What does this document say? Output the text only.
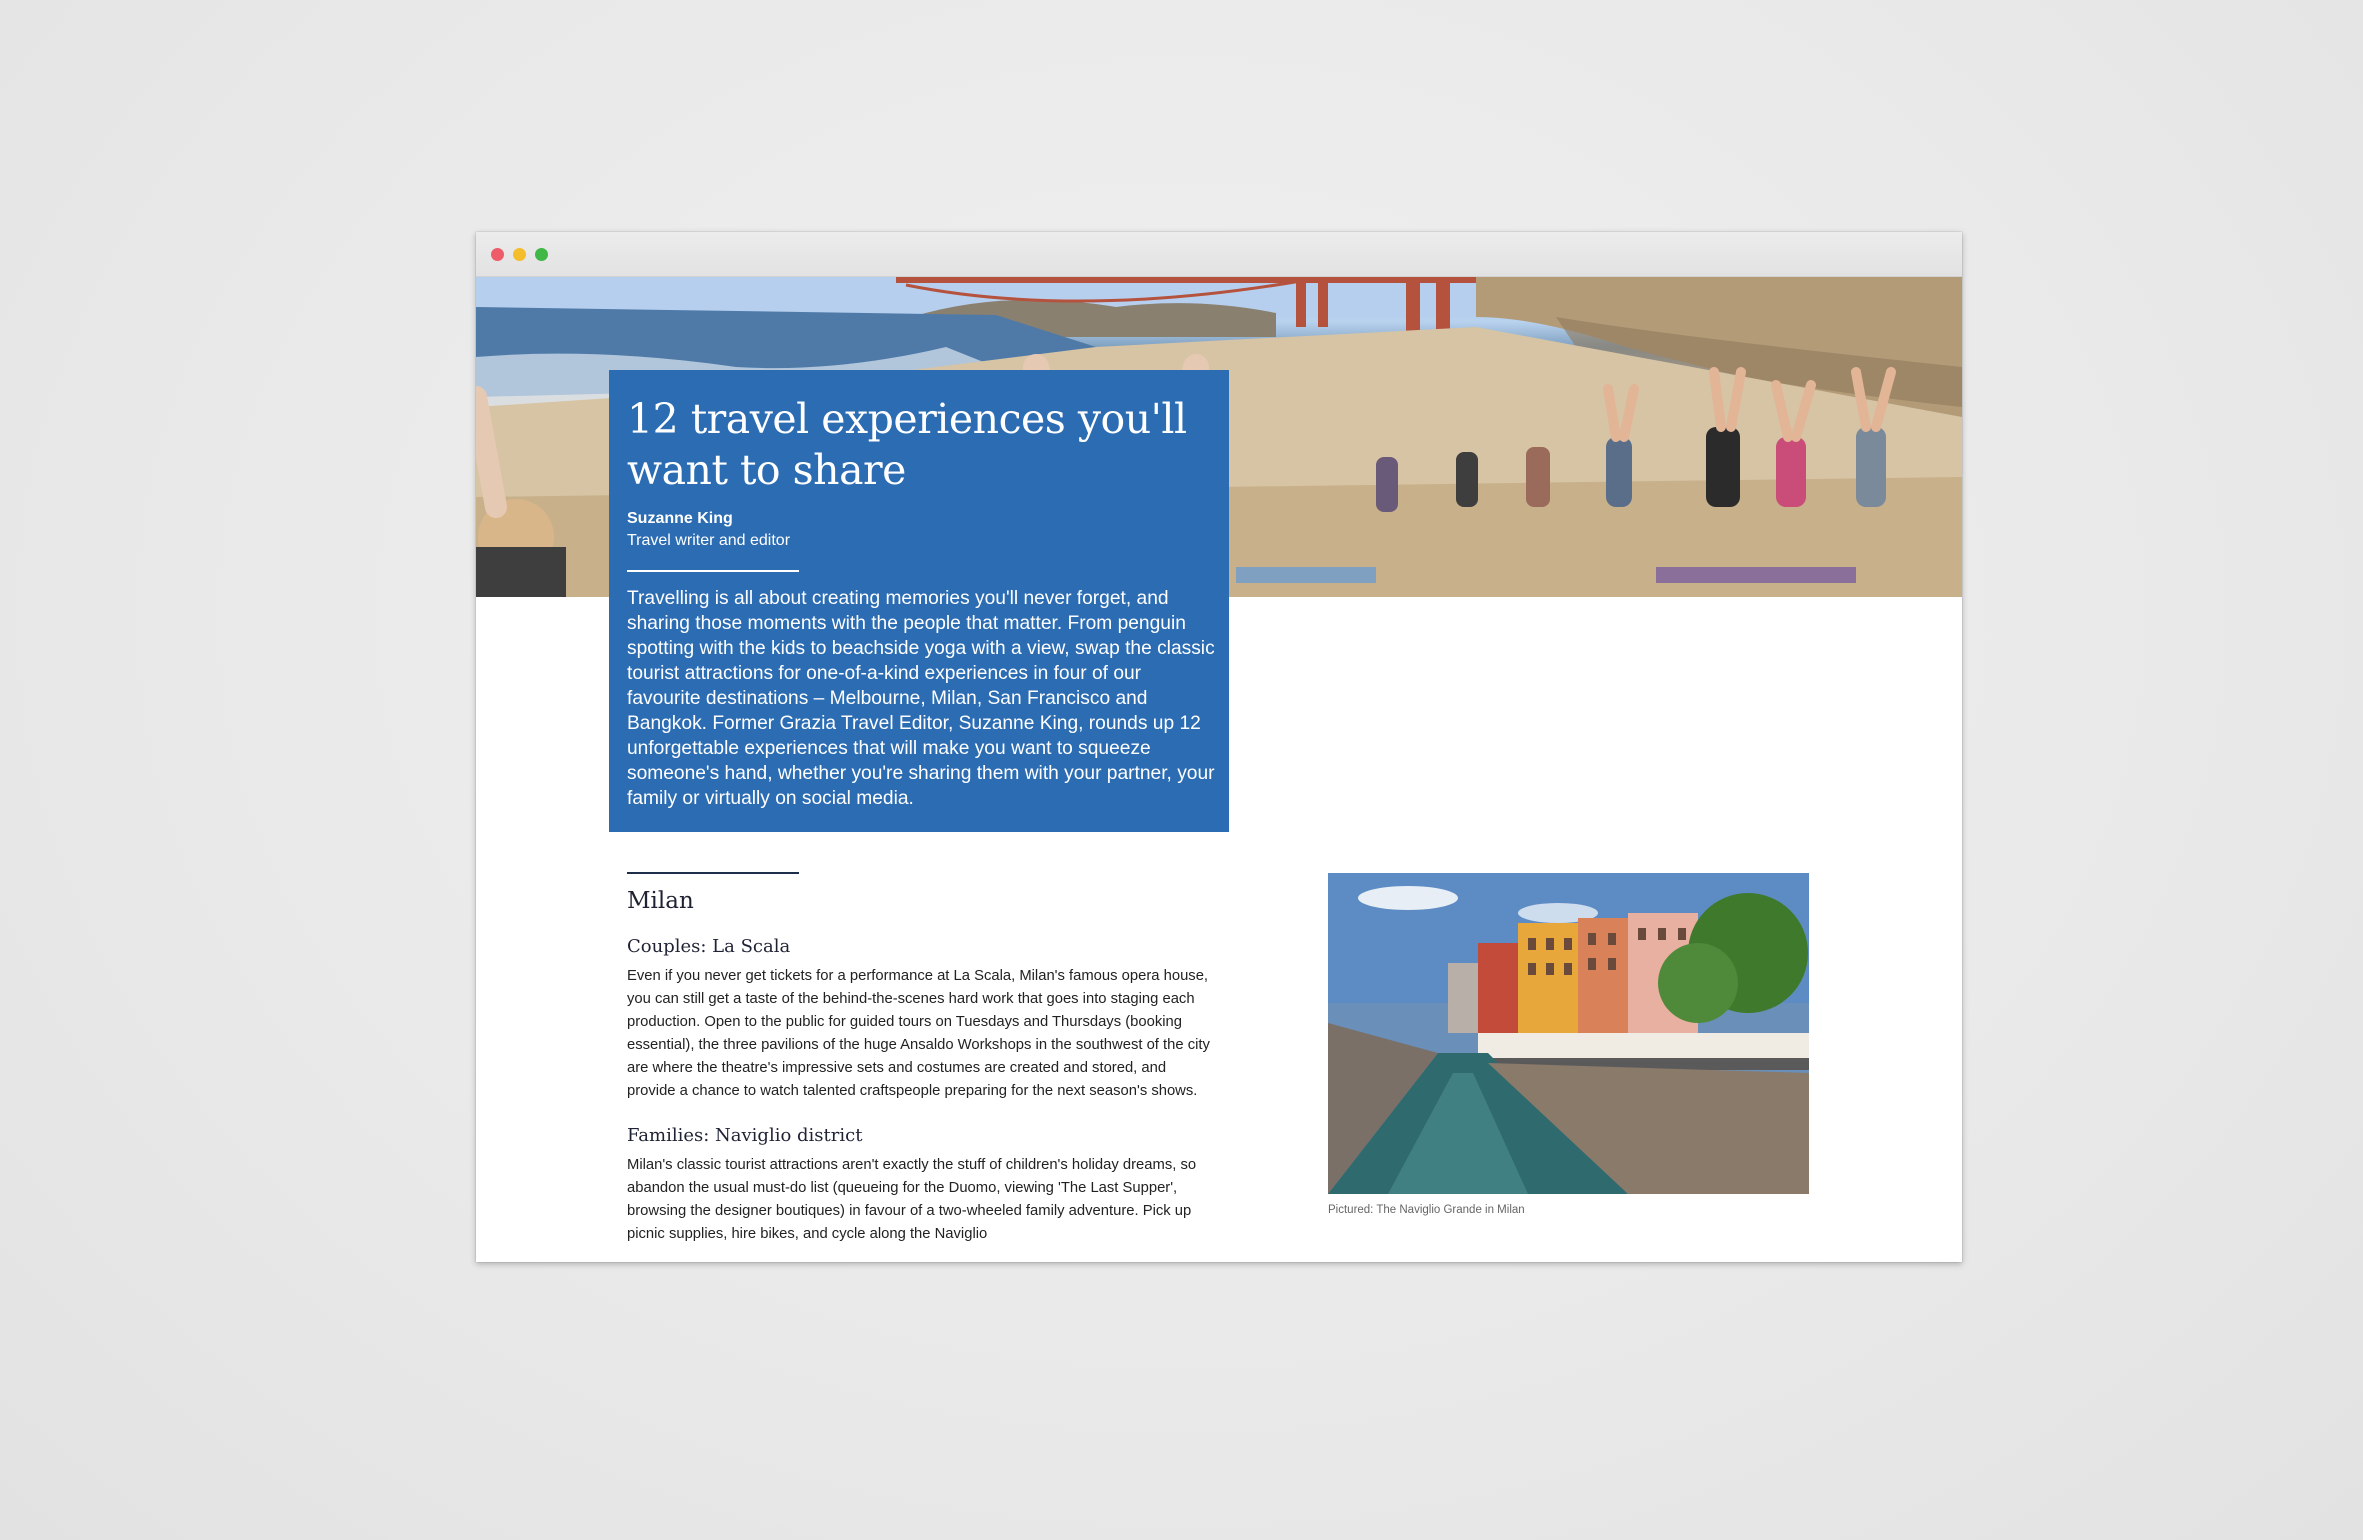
12 travel experiences you'll want to share
Suzanne King
Travel writer and editor

Travelling is all about creating memories you'll never forget, and sharing those moments with the people that matter. From penguin spotting with the kids to beachside yoga with a view, swap the classic tourist attractions for one-of-a-kind experiences in four of our favourite destinations – Melbourne, Milan, San Francisco and Bangkok. Former Grazia Travel Editor, Suzanne King, rounds up 12 unforgettable experiences that will make you want to squeeze someone's hand, whether you're sharing them with your partner, your family or virtually on social media.

Milan
Couples: La Scala

Even if you never get tickets for a performance at La Scala, Milan's famous opera house, you can still get a taste of the behind-the-scenes hard work that goes into staging each production. Open to the public for guided tours on Tuesdays and Thursdays (booking essential), the three pavilions of the huge Ansaldo Workshops in the southwest of the city are where the theatre's impressive sets and costumes are created and stored, and provide a chance to watch talented craftspeople preparing for the next season's shows.

Families: Naviglio district

Milan's classic tourist attractions aren't exactly the stuff of children's holiday dreams, so abandon the usual must-do list (queueing for the Duomo, viewing 'The Last Supper', browsing the designer boutiques) in favour of a two-wheeled family adventure. Pick up picnic supplies, hire bikes, and cycle along the Naviglio

Pictured: The Naviglio Grande in Milan
